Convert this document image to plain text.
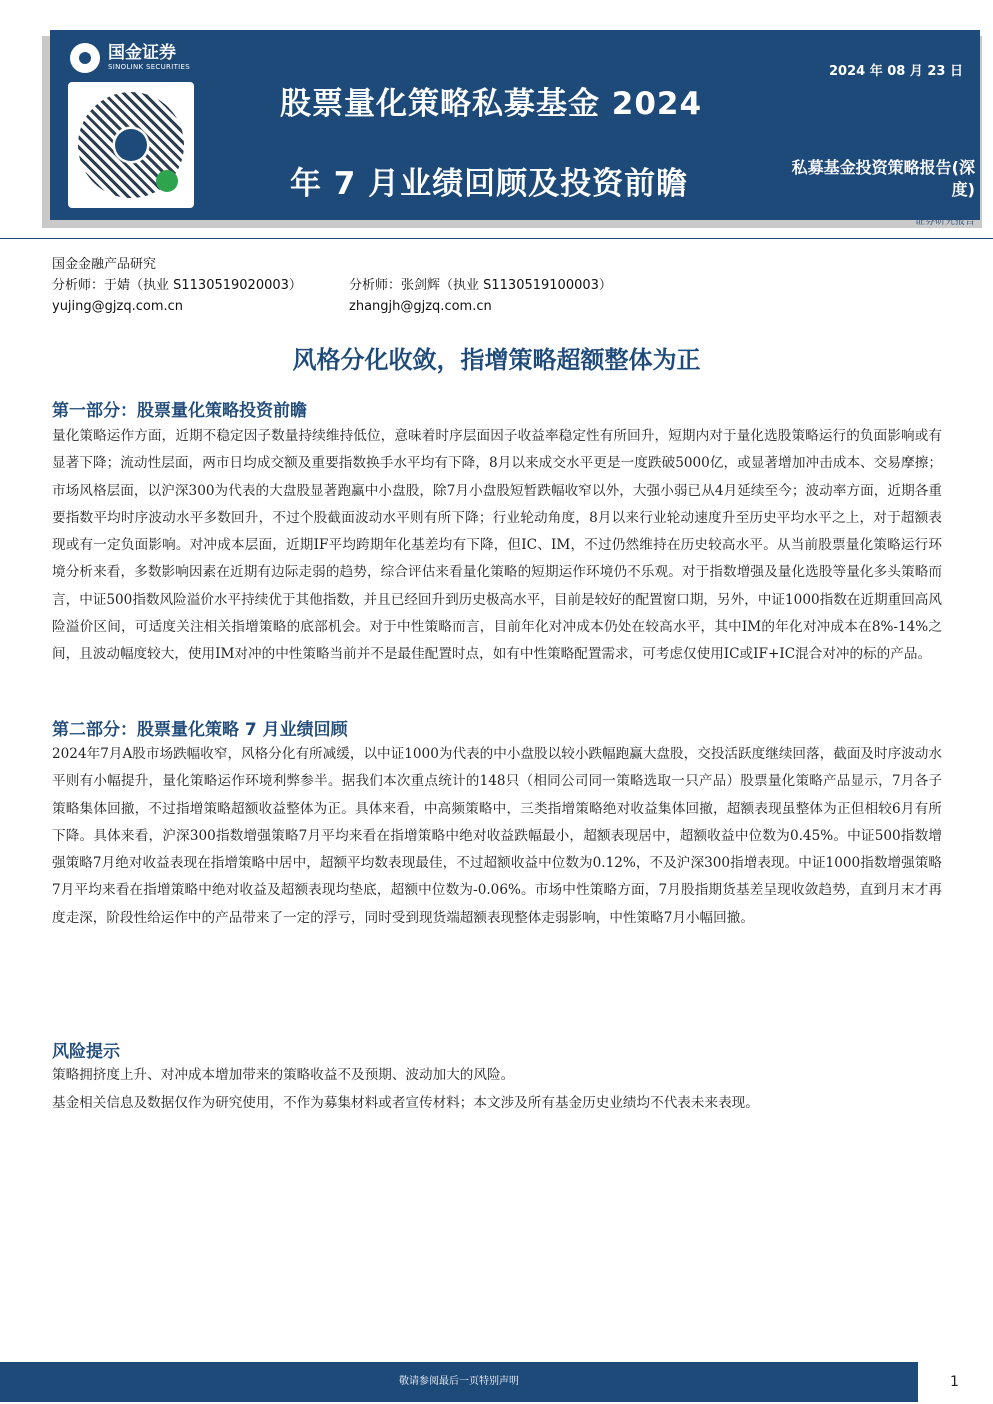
国金证券
SINOLINK SECURITIES
股票量化策略私募基金 2024
年 7 月业绩回顾及投资前瞻
2024 年 08 月 23 日
私募基金投资策略报告(深度)
证券研究报告
国金金融产品研究
分析师：于婧（执业 S1130519020003）	分析师：张剑辉（执业 S1130519100003）
yujing@gjzq.com.cn	zhangjh@gjzq.com.cn
风格分化收敛，指增策略超额整体为正
第一部分：股票量化策略投资前瞻
量化策略运作方面，近期不稳定因子数量持续维持低位，意味着时序层面因子收益率稳定性有所回升，短期内对于量化选股策略运行的负面影响或有显著下降；流动性层面，两市日均成交额及重要指数换手水平均有下降，8月以来成交水平更是一度跌破5000亿，或显著增加冲击成本、交易摩擦；市场风格层面，以沪深300为代表的大盘股显著跑赢中小盘股，除7月小盘股短暂跌幅收窄以外，大强小弱已从4月延续至今；波动率方面，近期各重要指数平均时序波动水平多数回升，不过个股截面波动水平则有所下降；行业轮动角度，8月以来行业轮动速度升至历史平均水平之上，对于超额表现或有一定负面影响。对冲成本层面，近期IF平均跨期年化基差均有下降，但IC、IM，不过仍然维持在历史较高水平。从当前股票量化策略运行环境分析来看，多数影响因素在近期有边际走弱的趋势，综合评估来看量化策略的短期运作环境仍不乐观。对于指数增强及量化选股等量化多头策略而言，中证500指数风险溢价水平持续优于其他指数，并且已经回升到历史极高水平，目前是较好的配置窗口期，另外，中证1000指数在近期重回高风险溢价区间，可适度关注相关指增策略的底部机会。对于中性策略而言，目前年化对冲成本仍处在较高水平，其中IM的年化对冲成本在8%-14%之间，且波动幅度较大，使用IM对冲的中性策略当前并不是最佳配置时点，如有中性策略配置需求，可考虑仅使用IC或IF+IC混合对冲的标的产品。
第二部分：股票量化策略 7 月业绩回顾
2024年7月A股市场跌幅收窄，风格分化有所减缓，以中证1000为代表的中小盘股以较小跌幅跑赢大盘股，交投活跃度继续回落，截面及时序波动水平则有小幅提升，量化策略运作环境利弊参半。据我们本次重点统计的148只（相同公司同一策略选取一只产品）股票量化策略产品显示，7月各子策略集体回撤，不过指增策略超额收益整体为正。具体来看，中高频策略中，三类指增策略绝对收益集体回撤，超额表现虽整体为正但相较6月有所下降。具体来看，沪深300指数增强策略7月平均来看在指增策略中绝对收益跌幅最小，超额表现居中，超额收益中位数为0.45%。中证500指数增强策略7月绝对收益表现在指增策略中居中，超额平均数表现最佳，不过超额收益中位数为0.12%，不及沪深300指增表现。中证1000指数增强策略7月平均来看在指增策略中绝对收益及超额表现均垫底，超额中位数为-0.06%。市场中性策略方面，7月股指期货基差呈现收敛趋势，直到月末才再度走深，阶段性给运作中的产品带来了一定的浮亏，同时受到现货端超额表现整体走弱影响，中性策略7月小幅回撤。
风险提示
策略拥挤度上升、对冲成本增加带来的策略收益不及预期、波动加大的风险。
基金相关信息及数据仅作为研究使用，不作为募集材料或者宣传材料；本文涉及所有基金历史业绩均不代表未来表现。
敬请参阅最后一页特别声明	1
